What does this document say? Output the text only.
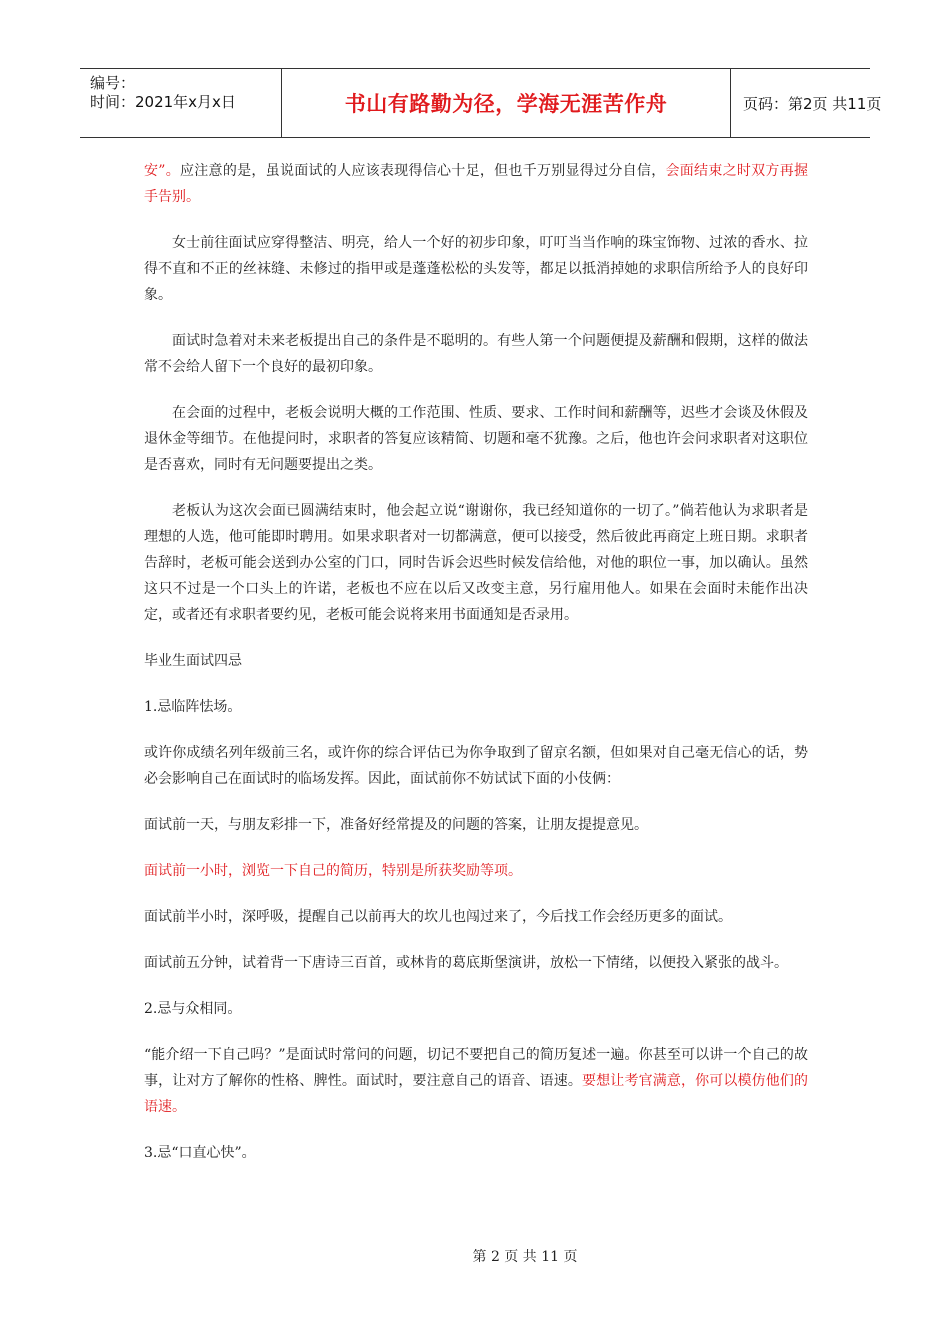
编号：
时间：2021年x月x日	书山有路勤为径，学海无涯苦作舟	页码：第2页 共11页

安”。应注意的是，虽说面试的人应该表现得信心十足，但也千万别显得过分自信，会面结束之时双方再握手告别。

女士前往面试应穿得整洁、明亮，给人一个好的初步印象，叮叮当当作响的珠宝饰物、过浓的香水、拉得不直和不正的丝袜缝、未修过的指甲或是蓬蓬松松的头发等，都足以抵消掉她的求职信所给予人的良好印象。

面试时急着对未来老板提出自己的条件是不聪明的。有些人第一个问题便提及薪酬和假期，这样的做法常不会给人留下一个良好的最初印象。

在会面的过程中，老板会说明大概的工作范围、性质、要求、工作时间和薪酬等，迟些才会谈及休假及退休金等细节。在他提问时，求职者的答复应该精简、切题和毫不犹豫。之后，他也许会问求职者对这职位是否喜欢，同时有无问题要提出之类。

老板认为这次会面已圆满结束时，他会起立说“谢谢你，我已经知道你的一切了。”倘若他认为求职者是理想的人选，他可能即时聘用。如果求职者对一切都满意，便可以接受，然后彼此再商定上班日期。求职者告辞时，老板可能会送到办公室的门口，同时告诉会迟些时候发信给他，对他的职位一事，加以确认。虽然这只不过是一个口头上的许诺，老板也不应在以后又改变主意，另行雇用他人。如果在会面时未能作出决定，或者还有求职者要约见，老板可能会说将来用书面通知是否录用。

毕业生面试四忌

1.忌临阵怯场。

或许你成绩名列年级前三名，或许你的综合评估已为你争取到了留京名额，但如果对自己毫无信心的话，势必会影响自己在面试时的临场发挥。因此，面试前你不妨试试下面的小伎俩：

面试前一天，与朋友彩排一下，准备好经常提及的问题的答案，让朋友提提意见。

面试前一小时，浏览一下自己的简历，特别是所获奖励等项。

面试前半小时，深呼吸，提醒自己以前再大的坎儿也闯过来了，今后找工作会经历更多的面试。

面试前五分钟，试着背一下唐诗三百首，或林肯的葛底斯堡演讲，放松一下情绪，以便投入紧张的战斗。

2.忌与众相同。

“能介绍一下自己吗？”是面试时常问的问题，切记不要把自己的简历复述一遍。你甚至可以讲一个自己的故事，让对方了解你的性格、脾性。面试时，要注意自己的语音、语速。要想让考官满意，你可以模仿他们的语速。

3.忌“口直心快”。

第 2 页 共 11 页
